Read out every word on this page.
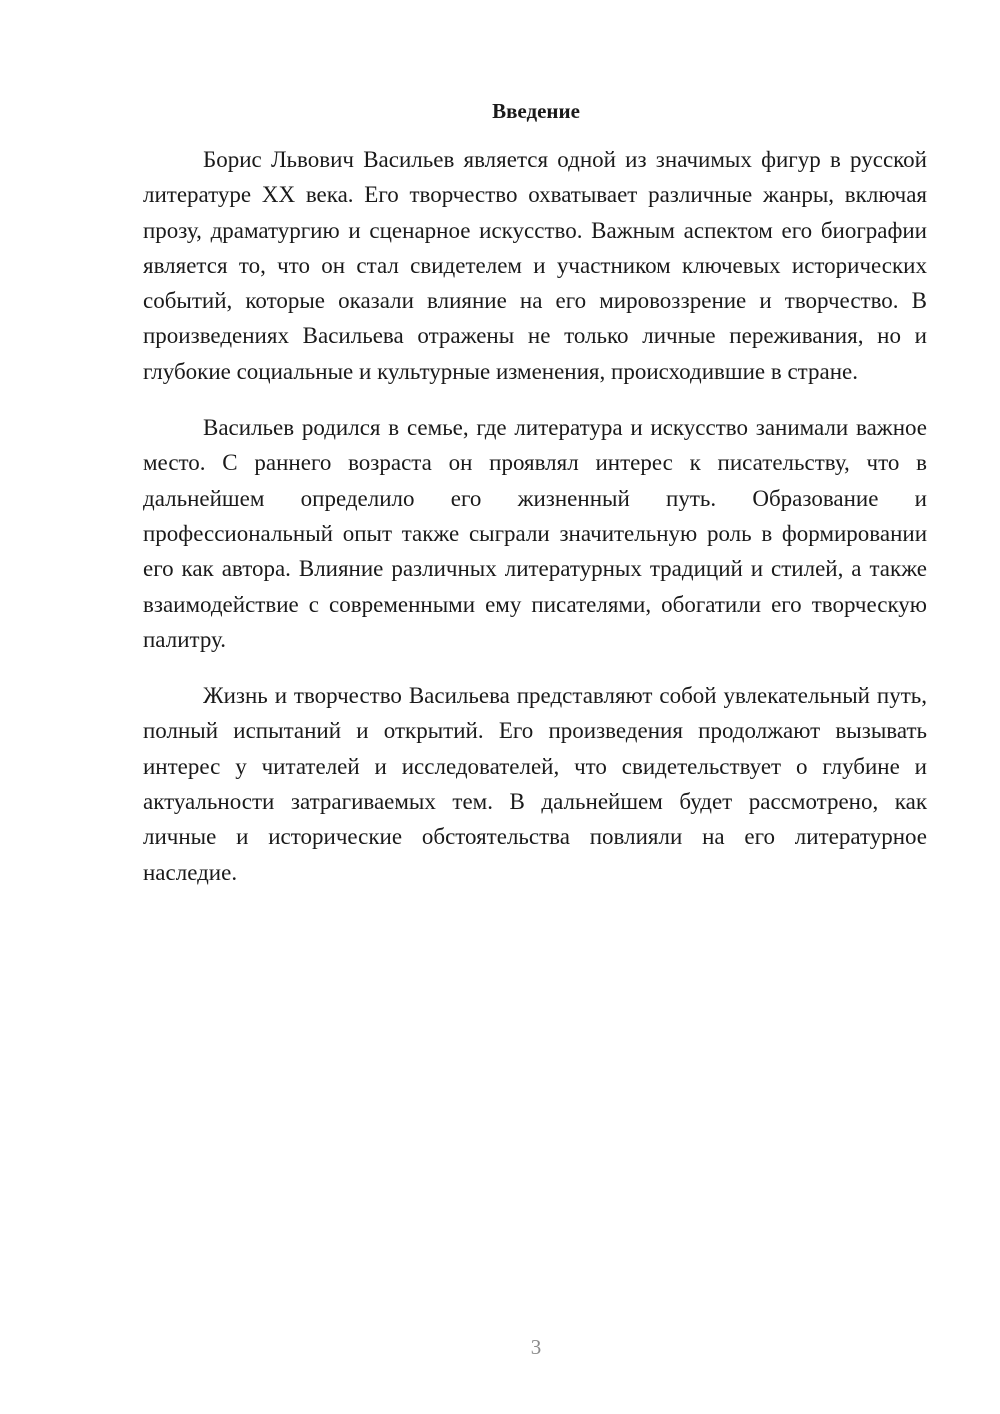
Введение

Борис Львович Васильев является одной из значимых фигур в русской литературе XX века. Его творчество охватывает различные жанры, включая прозу, драматургию и сценарное искусство. Важным аспектом его биографии является то, что он стал свидетелем и участником ключевых исторических событий, которые оказали влияние на его мировоззрение и творчество. В произведениях Васильева отражены не только личные переживания, но и глубокие социальные и культурные изменения, происходившие в стране.

Васильев родился в семье, где литература и искусство занимали важное место. С раннего возраста он проявлял интерес к писательству, что в дальнейшем определило его жизненный путь. Образование и профессиональный опыт также сыграли значительную роль в формировании его как автора. Влияние различных литературных традиций и стилей, а также взаимодействие с современными ему писателями, обогатили его творческую палитру.

Жизнь и творчество Васильева представляют собой увлекательный путь, полный испытаний и открытий. Его произведения продолжают вызывать интерес у читателей и исследователей, что свидетельствует о глубине и актуальности затрагиваемых тем. В дальнейшем будет рассмотрено, как личные и исторические обстоятельства повлияли на его литературное наследие.

3
